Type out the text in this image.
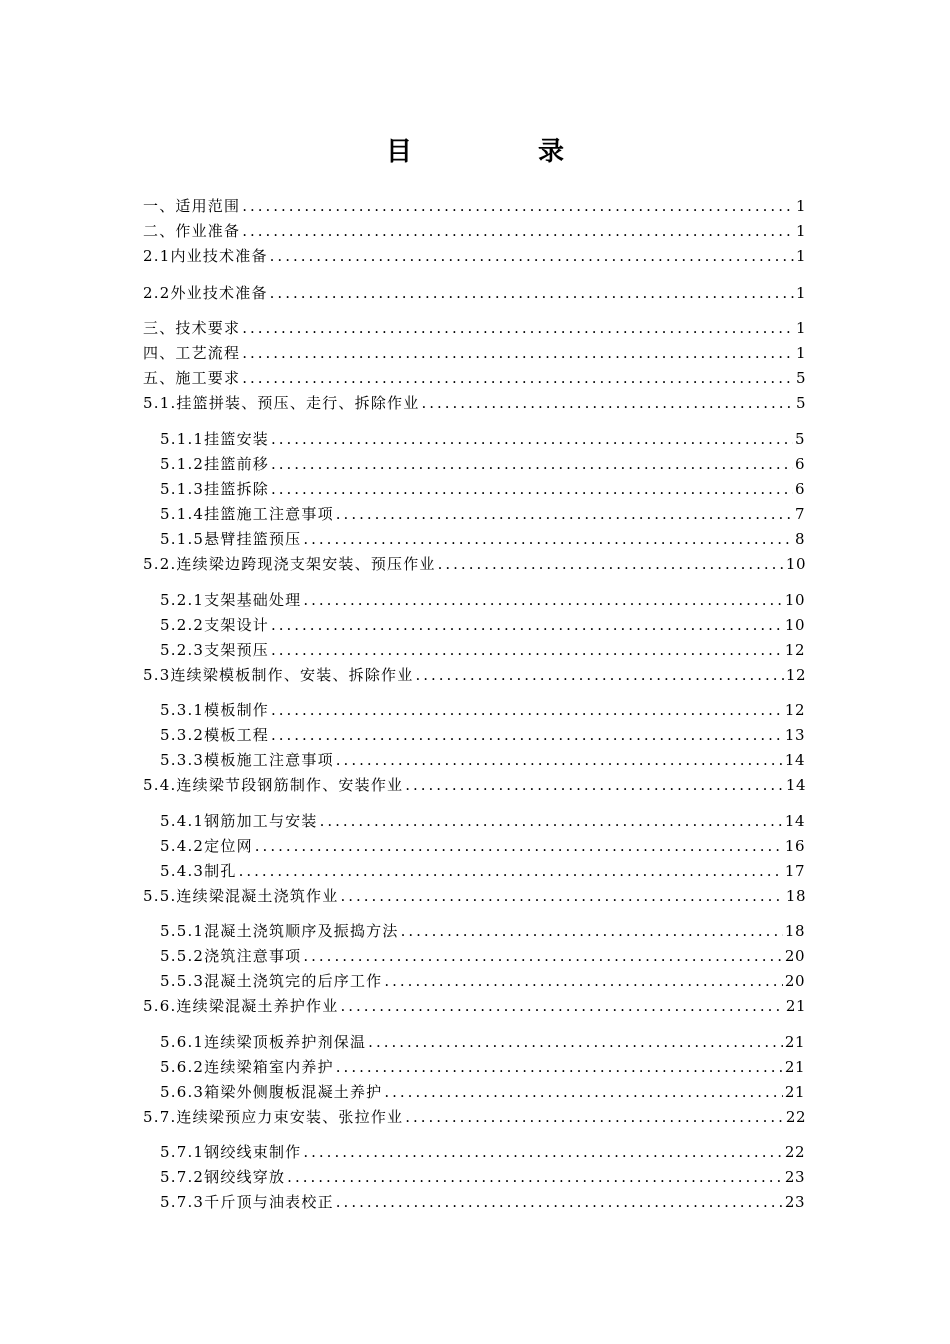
目　录
一、适用范围 .....	1
二、作业准备 .....	1
2.1内业技术准备 .....	1
2.2外业技术准备 .....	1
三、技术要求 .....	1
四、工艺流程 .....	1
五、施工要求 .....	5
5.1.挂篮拼装、预压、走行、拆除作业 .....	5
5.1.1挂篮安装 .....	5
5.1.2挂篮前移 .....	6
5.1.3挂篮拆除 .....	6
5.1.4挂篮施工注意事项 .....	7
5.1.5悬臂挂篮预压 .....	8
5.2.连续梁边跨现浇支架安装、预压作业 .....	10
5.2.1支架基础处理 .....	10
5.2.2支架设计 .....	10
5.2.3支架预压 .....	12
5.3连续梁模板制作、安装、拆除作业 .....	12
5.3.1模板制作 .....	12
5.3.2模板工程 .....	13
5.3.3模板施工注意事项 .....	14
5.4.连续梁节段钢筋制作、安装作业 .....	14
5.4.1钢筋加工与安装 .....	14
5.4.2定位网 .....	16
5.4.3制孔 .....	17
5.5.连续梁混凝土浇筑作业 .....	18
5.5.1混凝土浇筑顺序及振捣方法 .....	18
5.5.2浇筑注意事项 .....	20
5.5.3混凝土浇筑完的后序工作 .....	20
5.6.连续梁混凝土养护作业 .....	21
5.6.1连续梁顶板养护剂保温 .....	21
5.6.2连续梁箱室内养护 .....	21
5.6.3箱梁外侧腹板混凝土养护 .....	21
5.7.连续梁预应力束安装、张拉作业 .....	22
5.7.1钢绞线束制作 .....	22
5.7.2钢绞线穿放 .....	23
5.7.3千斤顶与油表校正 .....	23
